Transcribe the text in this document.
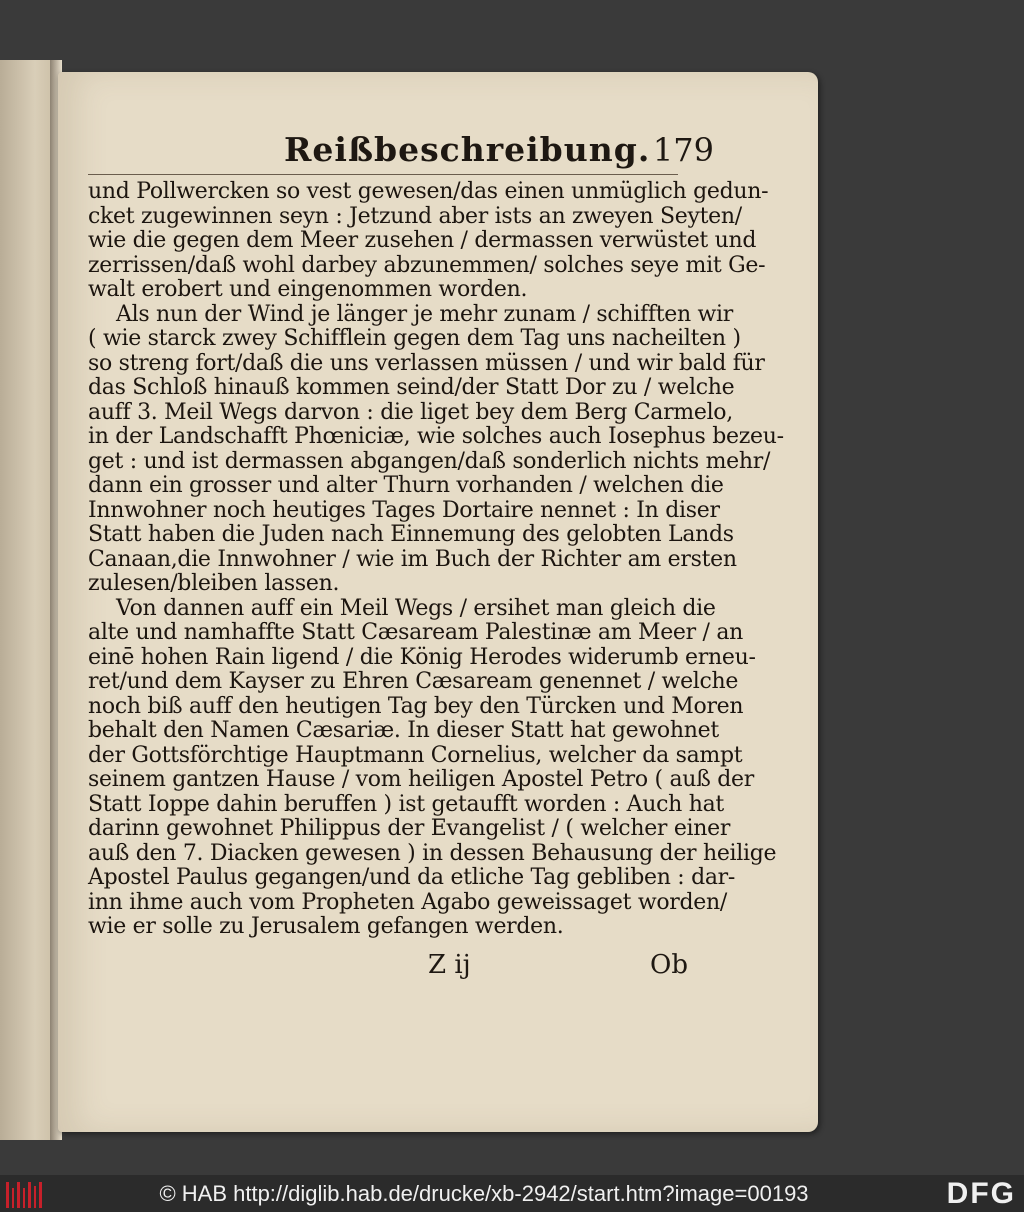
Reißbeschreibung. 179
und Pollwercken so vest gewesen/das einen unmüglich gedun-
cket zugewinnen seyn : Jetzund aber ists an zweyen Seyten/
wie die gegen dem Meer zusehen / dermassen verwüstet und
zerrissen/daß wohl darbey abzunemmen/ solches seye mit Ge-
walt erobert und eingenommen worden.
Als nun der Wind je länger je mehr zunam / schifften wir
( wie starck zwey Schifflein gegen dem Tag uns nacheilten )
so streng fort/daß die uns verlassen müssen / und wir bald für
das Schloß hinauß kommen seind/der Statt Dor zu / welche
auff 3. Meil Wegs darvon : die liget bey dem Berg Carmelo,
in der Landschafft Phœniciæ, wie solches auch Iosephus bezeu-
get : und ist dermassen abgangen/daß sonderlich nichts mehr/
dann ein grosser und alter Thurn vorhanden / welchen die
Innwohner noch heutiges Tages Dortaire nennet : In diser
Statt haben die Juden nach Einnemung des gelobten Lands
Canaan,die Innwohner / wie im Buch der Richter am ersten
zulesen/bleiben lassen.
Von dannen auff ein Meil Wegs / ersihet man gleich die
alte und namhaffte Statt Cæsaream Palestinæ am Meer / an
einē hohen Rain ligend / die König Herodes widerumb erneu-
ret/und dem Kayser zu Ehren Cæsaream genennet / welche
noch biß auff den heutigen Tag bey den Türcken und Moren
behalt den Namen Cæsariæ. In dieser Statt hat gewohnet
der Gottsförchtige Hauptmann Cornelius, welcher da sampt
seinem gantzen Hause / vom heiligen Apostel Petro ( auß der
Statt Ioppe dahin beruffen ) ist getaufft worden : Auch hat
darinn gewohnet Philippus der Evangelist / ( welcher einer
auß den 7. Diacken gewesen ) in dessen Behausung der heilige
Apostel Paulus gegangen/und da etliche Tag gebliben : dar-
inn ihme auch vom Propheten Agabo geweissaget worden/
wie er solle zu Jerusalem gefangen werden.
Z ij	Ob
© HAB http://diglib.hab.de/drucke/xb-2942/start.htm?image=00193	DFG
